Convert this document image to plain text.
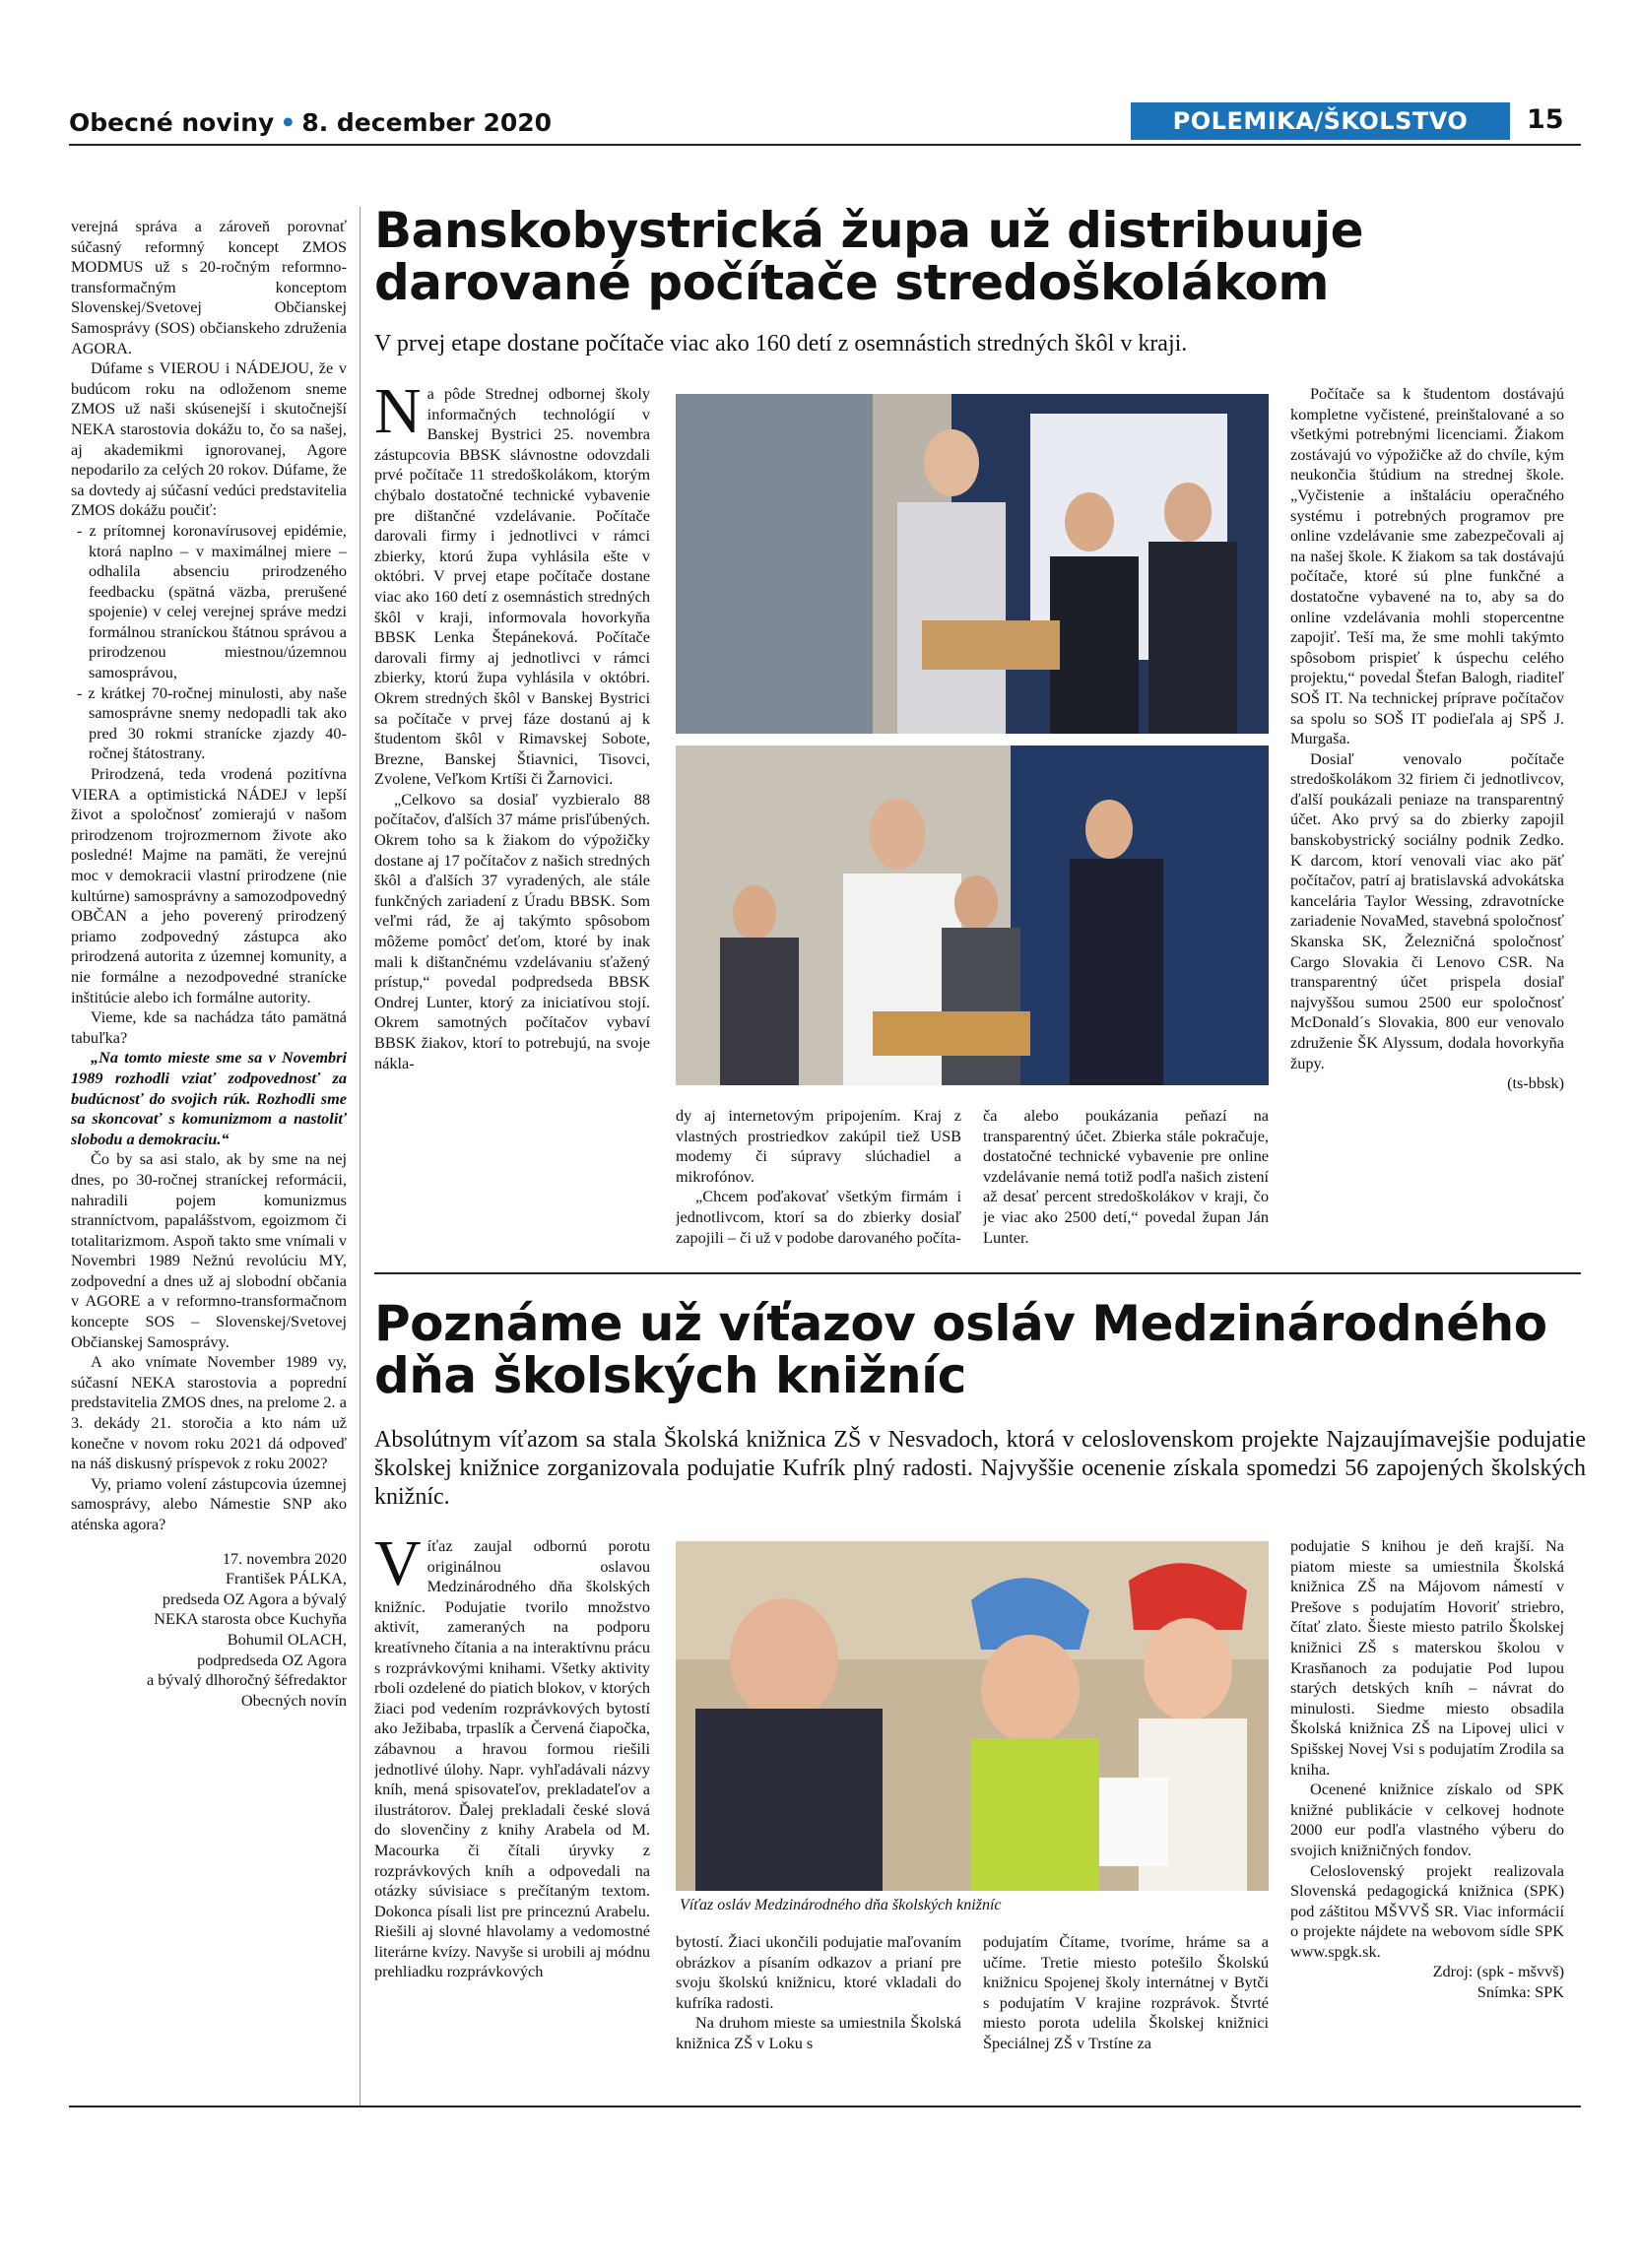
Obecné noviny • 8. december 2020	POLEMIKA/ŠKOLSTVO	15

verejná správa a zároveň porovnať súčasný reformný koncept ZMOS MODMUS už s 20-ročným reformno-transformačným konceptom Slovenskej/Svetovej Občianskej Samosprávy (SOS) občianskeho združenia AGORA.

Dúfame s VIEROU i NÁDEJOU, že v budúcom roku na odloženom sneme ZMOS už naši skúsenejší i skutočnejší NEKA starostovia dokážu to, čo sa našej, aj akademikmi ignorovanej, Agore nepodarilo za celých 20 rokov. Dúfame, že sa dovtedy aj súčasní vedúci predstavitelia ZMOS dokážu poučiť:

- z prítomnej koronavírusovej epidémie, ktorá naplno – v maximálnej miere – odhalila absenciu prirodzeného feedbacku (spätná väzba, prerušené spojenie) v celej verejnej správe medzi formálnou straníckou štátnou správou a prirodzenou miestnou/územnou samosprávou,
- z krátkej 70-ročnej minulosti, aby naše samosprávne snemy nedopadli tak ako pred 30 rokmi stranícke zjazdy 40-ročnej štátostrany.

Prirodzená, teda vrodená pozitívna VIERA a optimistická NÁDEJ v lepší život a spoločnosť zomierajú v našom prirodzenom trojrozmernom živote ako posledné! Majme na pamäti, že verejnú moc v demokracii vlastní prirodzene (nie kultúrne) samosprávny a samozodpovedný OBČAN a jeho poverený prirodzený priamo zodpovedný zástupca ako prirodzená autorita z územnej komunity, a nie formálne a nezodpovedné stranícke inštitúcie alebo ich formálne autority.

Vieme, kde sa nachádza táto pamätná tabuľka?

„Na tomto mieste sme sa v Novembri 1989 rozhodli vziať zodpovednosť za budúcnosť do svojich rúk. Rozhodli sme sa skoncovať s komunizmom a nastoliť slobodu a demokraciu.“

Čo by sa asi stalo, ak by sme na nej dnes, po 30-ročnej straníckej reformácii, nahradili pojem komunizmus stranníctvom, papalášstvom, egoizmom či totalitarizmom. Aspoň takto sme vnímali v Novembri 1989 Nežnú revolúciu MY, zodpovední a dnes už aj slobodní občania v AGORE a v reformno-transformačnom koncepte SOS – Slovenskej/Svetovej Občianskej Samosprávy.

A ako vnímate November 1989 vy, súčasní NEKA starostovia a poprední predstavitelia ZMOS dnes, na prelome 2. a 3. dekády 21. storočia a kto nám už konečne v novom roku 2021 dá odpoveď na náš diskusný príspevok z roku 2002?

Vy, priamo volení zástupcovia územnej samosprávy, alebo Námestie SNP ako aténska agora?

17. novembra 2020

František PÁLKA,

predseda OZ Agora a bývalý

NEKA starosta obce Kuchyňa

Bohumil OLACH,

podpredseda OZ Agora

a bývalý dlhoročný šéfredaktor

Obecných novín

Banskobystrická župa už distribuuje
darované počítače stredoškolákom
V prvej etape dostane počítače viac ako 160 detí z osemnástich stredných škôl v kraji.

Na pôde Strednej odbornej školy informačných technológií v Banskej Bystrici 25. novembra zástupcovia BBSK slávnostne odovzdali prvé počítače 11 stredoškolákom, ktorým chýbalo dostatočné technické vybavenie pre dištančné vzdelávanie. Počítače darovali firmy i jednotlivci v rámci zbierky, ktorú župa vyhlásila ešte v októbri. V prvej etape počítače dostane viac ako 160 detí z osemnástich stredných škôl v kraji, informovala hovorkyňa BBSK Lenka Štepáneková. Počítače darovali firmy aj jednotlivci v rámci zbierky, ktorú župa vyhlásila v októbri. Okrem stredných škôl v Banskej Bystrici sa počítače v prvej fáze dostanú aj k študentom škôl v Rimavskej Sobote, Brezne, Banskej Štiavnici, Tisovci, Zvolene, Veľkom Krtíši či Žarnovici.

„Celkovo sa dosiaľ vyzbieralo 88 počítačov, ďalších 37 máme prisľúbených. Okrem toho sa k žiakom do výpožičky dostane aj 17 počítačov z našich stredných škôl a ďalších 37 vyradených, ale stále funkčných zariadení z Úradu BBSK. Som veľmi rád, že aj takýmto spôsobom môžeme pomôcť deťom, ktoré by inak mali k dištančnému vzdelávaniu sťažený prístup,“ povedal podpredseda BBSK Ondrej Lunter, ktorý za iniciatívou stojí. Okrem samotných počítačov vybaví BBSK žiakov, ktorí to potrebujú, na svoje nákla-

dy aj internetovým pripojením. Kraj z vlastných prostriedkov zakúpil tiež USB modemy či súpravy slúchadiel a mikrofónov.

„Chcem poďakovať všetkým firmám i jednotlivcom, ktorí sa do zbierky dosiaľ zapojili – či už v podobe darovaného počíta-

ča alebo poukázania peňazí na transparentný účet. Zbierka stále pokračuje, dostatočné technické vybavenie pre online vzdelávanie nemá totiž podľa našich zistení až desať percent stredoškolákov v kraji, čo je viac ako 2500 detí,“ povedal župan Ján Lunter.

Počítače sa k študentom dostávajú kompletne vyčistené, preinštalované a so všetkými potrebnými licenciami. Žiakom zostávajú vo výpožičke až do chvíle, kým neukončia štúdium na strednej škole. „Vyčistenie a inštaláciu operačného systému i potrebných programov pre online vzdelávanie sme zabezpečovali aj na našej škole. K žiakom sa tak dostávajú počítače, ktoré sú plne funkčné a dostatočne vybavené na to, aby sa do online vzdelávania mohli stopercentne zapojiť. Teší ma, že sme mohli takýmto spôsobom prispieť k úspechu celého projektu,“ povedal Štefan Balogh, riaditeľ SOŠ IT. Na technickej príprave počítačov sa spolu so SOŠ IT podieľala aj SPŠ J. Murgaša.

Dosiaľ venovalo počítače stredoškolákom 32 firiem či jednotlivcov, ďalší poukázali peniaze na transparentný účet. Ako prvý sa do zbierky zapojil banskobystrický sociálny podnik Zedko. K darcom, ktorí venovali viac ako päť počítačov, patrí aj bratislavská advokátska kancelária Taylor Wessing, zdravotnícke zariadenie NovaMed, stavebná spoločnosť Skanska SK, Železničná spoločnosť Cargo Slovakia či Lenovo CSR. Na transparentný účet prispela dosiaľ najvyššou sumou 2500 eur spoločnosť McDonald´s Slovakia, 800 eur venovalo združenie ŠK Alyssum, dodala hovorkyňa župy.

(ts-bbsk)

Poznáme už víťazov osláv Medzinárodného
dňa školských knižníc
Absolútnym víťazom sa stala Školská knižnica ZŠ v Nesvadoch, ktorá v celoslovenskom projekte Najzaujímavejšie podujatie školskej knižnice zorganizovala podujatie Kufrík plný radosti. Najvyššie ocenenie získala spomedzi 56 zapojených školských knižníc.

Víťaz zaujal odbornú porotu originálnou oslavou Medzinárodného dňa školských knižníc. Podujatie tvorilo množstvo aktivít, zameraných na podporu kreatívneho čítania a na interaktívnu prácu s rozprávkovými knihami. Všetky aktivity rboli ozdelené do piatich blokov, v ktorých žiaci pod vedením rozprávkových bytostí ako Ježibaba, trpaslík a Červená čiapočka, zábavnou a hravou formou riešili jednotlivé úlohy. Napr. vyhľadávali názvy kníh, mená spisovateľov, prekladateľov a ilustrátorov. Ďalej prekladali české slová do slovenčiny z knihy Arabela od M. Macourka či čítali úryvky z rozprávkových kníh a odpovedali na otázky súvisiace s prečítaným textom. Dokonca písali list pre princeznú Arabelu. Riešili aj slovné hlavolamy a vedomostné literárne kvízy. Navyše si urobili aj módnu prehliadku rozprávkových

Víťaz osláv Medzinárodného dňa školských knižníc

bytostí. Žiaci ukončili podujatie maľovaním obrázkov a písaním odkazov a prianí pre svoju školskú knižnicu, ktoré vkladali do kufríka radosti.

Na druhom mieste sa umiestnila Školská knižnica ZŠ v Loku s

podujatím Čítame, tvoríme, hráme sa a učíme. Tretie miesto potešilo Školskú knižnicu Spojenej školy internátnej v Bytči s podujatím V krajine rozprávok. Štvrté miesto porota udelila Školskej knižnici Špeciálnej ZŠ v Trstíne za

podujatie S knihou je deň krajší. Na piatom mieste sa umiestnila Školská knižnica ZŠ na Májovom námestí v Prešove s podujatím Hovoriť striebro, čítať zlato. Šieste miesto patrilo Školskej knižnici ZŠ s materskou školou v Krasňanoch za podujatie Pod lupou starých detských kníh – návrat do minulosti. Siedme miesto obsadila Školská knižnica ZŠ na Lipovej ulici v Spišskej Novej Vsi s podujatím Zrodila sa kniha.

Ocenené knižnice získalo od SPK knižné publikácie v celkovej hodnote 2000 eur podľa vlastného výberu do svojich knižničných fondov.

Celoslovenský projekt realizovala Slovenská pedagogická knižnica (SPK) pod záštitou MŠVVŠ SR. Viac informácií o projekte nájdete na webovom sídle SPK www.spgk.sk.

Zdroj: (spk - mšvvš)

Snímka: SPK
